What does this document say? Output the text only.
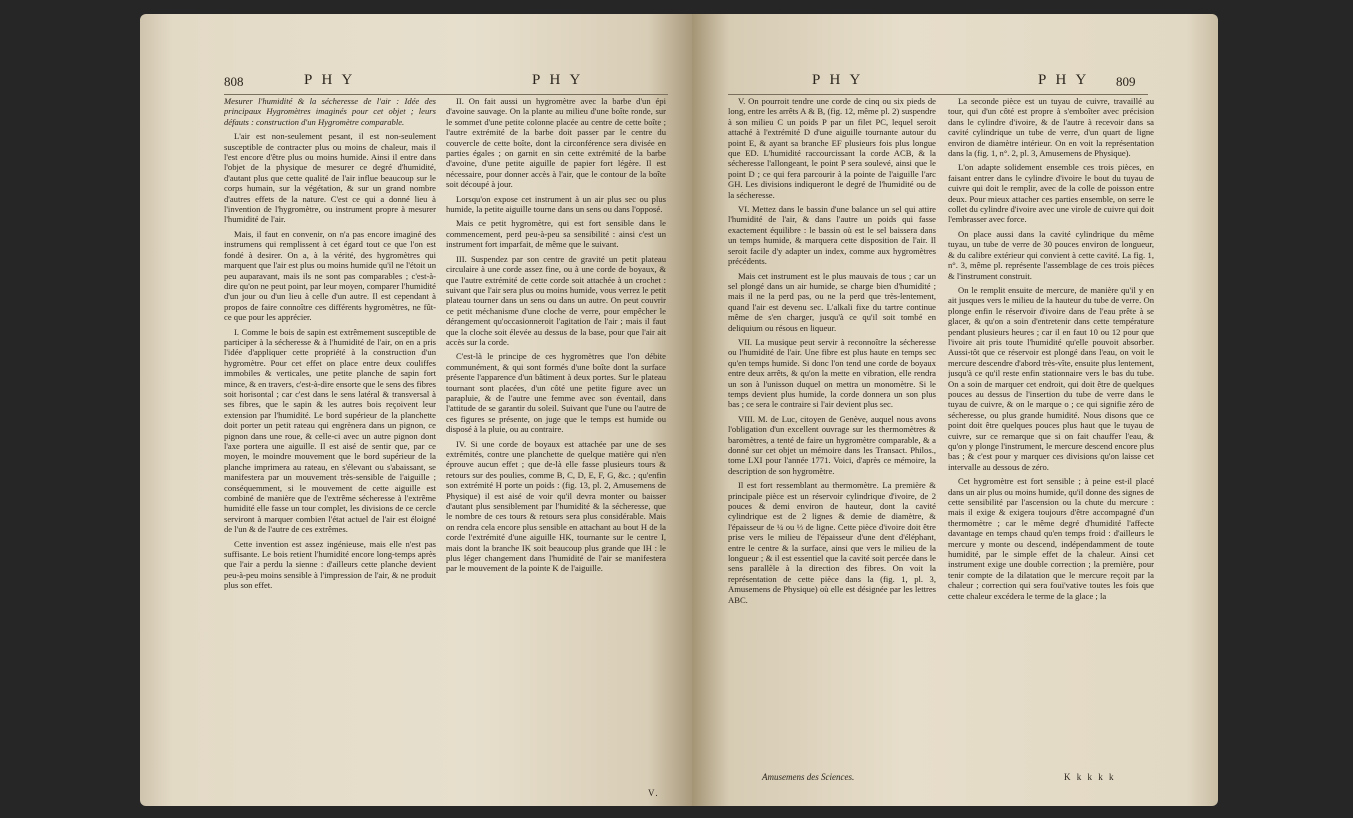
808	P H Y	P H Y

Mesurer l'humidité & la sécheresse de l'air : Idée des principaux Hygromètres imaginés pour cet objet ; leurs défauts : construction d'un Hygromètre comparable.

L'air est non-seulement pesant, il est non-seulement susceptible de contracter plus ou moins de chaleur, mais il l'est encore d'être plus ou moins humide. Ainsi il entre dans l'objet de la physique de mesurer ce degré d'humidité, d'autant plus que cette qualité de l'air influe beaucoup sur le corps humain, sur la végétation, & sur un grand nombre d'autres effets de la nature. C'est ce qui a donné lieu à l'invention de l'hygromètre, ou instrument propre à mesurer l'humidité de l'air.

Mais, il faut en convenir, on n'a pas encore imaginé des instrumens qui remplissent à cet égard tout ce que l'on est fondé à desirer. On a, à la vérité, des hygromètres qui marquent que l'air est plus ou moins humide qu'il ne l'étoit un peu auparavant, mais ils ne sont pas comparables ; c'est-à-dire qu'on ne peut point, par leur moyen, comparer l'humidité d'un jour ou d'un lieu à celle d'un autre. Il est cependant à propos de faire connoître ces différents hygromètres, ne fût-ce que pour les apprécier.

I. Comme le bois de sapin est extrêmement susceptible de participer à la sécheresse & à l'humidité de l'air, on en a pris l'idée d'appliquer cette propriété à la construction d'un hygromètre. Pour cet effet on place entre deux couliffes immobiles & verticales, une petite planche de sapin fort mince, & en travers, c'est-à-dire ensorte que le sens des fibres soit horisontal ; car c'est dans le sens latéral & transversal à ses fibres, que le sapin & les autres bois reçoivent leur extension par l'humidité. Le bord supérieur de la planchette doit porter un petit rateau qui engrènera dans un pignon, ce pignon dans une roue, & celle-ci avec un autre pignon dont l'axe portera une aiguille. Il est aisé de sentir que, par ce moyen, le moindre mouvement que le bord supérieur de la planche imprimera au rateau, en s'élevant ou s'abaissant, se manifestera par un mouvement très-sensible de l'aiguille ; conséquemment, si le mouvement de cette aiguille est combiné de manière que de l'extrême sécheresse à l'extrême humidité elle fasse un tour complet, les divisions de ce cercle serviront à marquer combien l'état actuel de l'air est éloigné de l'un & de l'autre de ces extrêmes.

Cette invention est assez ingénieuse, mais elle n'est pas suffisante. Le bois retient l'humidité encore long-temps après que l'air a perdu la sienne : d'ailleurs cette planche devient peu-à-peu moins sensible à l'impression de l'air, & ne produit plus son effet.

II. On fait aussi un hygromètre avec la barbe d'un épi d'avoine sauvage. On la plante au milieu d'une boîte ronde, sur le sommet d'une petite colonne placée au centre de cette boîte ; l'autre extrémité de la barbe doit passer par le centre du couvercle de cette boîte, dont la circonférence sera divisée en parties égales ; on garnit en sin cette extrémité de la barbe d'avoine, d'une petite aiguille de papier fort légère. Il est nécessaire, pour donner accès à l'air, que le contour de la boîte soit découpé à jour.

Lorsqu'on expose cet instrument à un air plus sec ou plus humide, la petite aiguille tourne dans un sens ou dans l'opposé.

Mais ce petit hygromètre, qui est fort sensible dans le commencement, perd peu-à-peu sa sensibilité : ainsi c'est un instrument fort imparfait, de même que le suivant.

III. Suspendez par son centre de gravité un petit plateau circulaire à une corde assez fine, ou à une corde de boyaux, & que l'autre extrémité de cette corde soit attachée à un crochet : suivant que l'air sera plus ou moins humide, vous verrez le petit plateau tourner dans un sens ou dans un autre. On peut couvrir ce petit méchanisme d'une cloche de verre, pour empêcher le dérangement qu'occasionneroit l'agitation de l'air ; mais il faut que la cloche soit élevée au dessus de la base, pour que l'air ait accès sur la corde.

C'est-là le principe de ces hygromètres que l'on débite communément, & qui sont formés d'une boîte dont la surface présente l'apparence d'un bâtiment à deux portes. Sur le plateau tournant sont placées, d'un côté une petite figure avec un parapluie, & de l'autre une femme avec son éventail, dans l'attitude de se garantir du soleil. Suivant que l'une ou l'autre de ces figures se présente, on juge que le temps est humide ou disposé à la pluie, ou au contraire.

IV. Si une corde de boyaux est attachée par une de ses extrémités, contre une planchette de quelque matière qui n'en éprouve aucun effet ; que de-là elle fasse plusieurs tours & retours sur des poulies, comme B, C, D, E, F, G, &c. ; qu'enfin son extrémité H porte un poids : (fig. 13, pl. 2, Amusemens de Physique) il est aisé de voir qu'il devra monter ou baisser d'autant plus sensiblement par l'humidité & la sécheresse, que le nombre de ces tours & retours sera plus considérable. Mais on rendra cela encore plus sensible en attachant au bout H de la corde l'extrémité d'une aiguille HK, tournante sur le centre I, mais dont la branche IK soit beaucoup plus grande que IH : le plus léger changement dans l'humidité de l'air se manifestera par le mouvement de la pointe K de l'aiguille.

V.
P H Y	P H Y 809

V. On pourroit tendre une corde de cinq ou six pieds de long, entre les arrêts A & B, (fig. 12, même pl. 2) suspendre à son milieu C un poids P par un filet PC, lequel seroit attaché à l'extrémité D d'une aiguille tournante autour du point E, & ayant sa branche EF plusieurs fois plus longue que ED. L'humidité raccourcissant la corde ACB, & la sécheresse l'allongeant, le point P sera soulevé, ainsi que le point D ; ce qui fera parcourir à la pointe de l'aiguille l'arc GH. Les divisions indiqueront le degré de l'humidité ou de la sécheresse.

VI. Mettez dans le bassin d'une balance un sel qui attire l'humidité de l'air, & dans l'autre un poids qui fasse exactement équilibre : le bassin où est le sel baissera dans un temps humide, & marquera cette disposition de l'air. Il seroit facile d'y adapter un index, comme aux hygromètres précédents.

Mais cet instrument est le plus mauvais de tous ; car un sel plongé dans un air humide, se charge bien d'humidité ; mais il ne la perd pas, ou ne la perd que très-lentement, quand l'air est devenu sec. L'alkali fixe du tartre continue même de s'en charger, jusqu'à ce qu'il soit tombé en deliquium ou résous en liqueur.

VII. La musique peut servir à reconnoître la sécheresse ou l'humidité de l'air. Une fibre est plus haute en temps sec qu'en temps humide. Si donc l'on tend une corde de boyaux entre deux arrêts, & qu'on la mette en vibration, elle rendra un son à l'unisson duquel on mettra un monomètre. Si le temps devient plus humide, la corde donnera un son plus bas ; ce sera le contraire si l'air devient plus sec.

VIII. M. de Luc, citoyen de Genève, auquel nous avons l'obligation d'un excellent ouvrage sur les thermomètres & baromètres, a tenté de faire un hygromètre comparable, & a donné sur cet objet un mémoire dans les Transact. Philos., tome LXI pour l'année 1771. Voici, d'après ce mémoire, la description de son hygromètre.

Il est fort ressemblant au thermomètre. La première & principale pièce est un réservoir cylindrique d'ivoire, de 2 pouces & demi environ de hauteur, dont la cavité cylindrique est de 2 lignes & demie de diamètre, & l'épaisseur de ¼ ou ⅓ de ligne. Cette pièce d'ivoire doit être prise vers le milieu de l'épaisseur d'une dent d'éléphant, entre le centre & la surface, ainsi que vers le milieu de la longueur ; & il est essentiel que la cavité soit percée dans le sens parallèle à la direction des fibres. On voit la représentation de cette pièce dans la (fig. 1, pl. 3, Amusemens de Physique) où elle est désignée par les lettres ABC.

La seconde pièce est un tuyau de cuivre, travaillé au tour, qui d'un côté est propre à s'emboîter avec précision dans le cylindre d'ivoire, & de l'autre à recevoir dans sa cavité cylindrique un tube de verre, d'un quart de ligne environ de diamètre intérieur. On en voit la représentation dans la (fig. 1, n°. 2, pl. 3, Amusemens de Physique).

L'on adapte solidement ensemble ces trois pièces, en faisant entrer dans le cylindre d'ivoire le bout du tuyau de cuivre qui doit le remplir, avec de la colle de poisson entre deux. Pour mieux attacher ces parties ensemble, on serre le collet du cylindre d'ivoire avec une virole de cuivre qui doit l'embrasser avec force.

On place aussi dans la cavité cylindrique du même tuyau, un tube de verre de 30 pouces environ de longueur, & du calibre extérieur qui convient à cette cavité. La fig. 1, n°. 3, même pl. représente l'assemblage de ces trois pièces & l'instrument construit.

On le remplit ensuite de mercure, de manière qu'il y en ait jusques vers le milieu de la hauteur du tube de verre. On plonge enfin le réservoir d'ivoire dans de l'eau prête à se glacer, & qu'on a soin d'entretenir dans cette température pendant plusieurs heures ; car il en faut 10 ou 12 pour que l'ivoire ait pris toute l'humidité qu'elle pouvoit absorber. Aussi-tôt que ce réservoir est plongé dans l'eau, on voit le mercure descendre d'abord très-vîte, ensuite plus lentement, jusqu'à ce qu'il reste enfin stationnaire vers le bas du tube. On a soin de marquer cet endroit, qui doit être de quelques pouces au dessus de l'insertion du tube de verre dans le tuyau de cuivre, & on le marque o ; ce qui signifie zéro de sécheresse, ou plus grande humidité. Nous disons que ce point doit être quelques pouces plus haut que le tuyau de cuivre, sur ce remarque que si on fait chauffer l'eau, & qu'on y plonge l'instrument, le mercure descend encore plus bas ; & c'est pour y marquer ces divisions qu'on laisse cet intervalle au dessous de zéro.

Cet hygromètre est fort sensible ; à peine est-il placé dans un air plus ou moins humide, qu'il donne des signes de cette sensibilité par l'ascension ou la chute du mercure : mais il exige & exigera toujours d'être accompagné d'un thermomètre ; car le même degré d'humidité l'affecte davantage en temps chaud qu'en temps froid : d'ailleurs le mercure y monte ou descend, indépendamment de toute humidité, par le simple effet de la chaleur. Ainsi cet instrument exige une double correction ; la première, pour tenir compte de la dilatation que le mercure reçoit par la chaleur ; correction qui sera foui'vative toutes les fois que cette chaleur excédera le terme de la glace ; la

Amusemens des Sciences.	K k k k k
